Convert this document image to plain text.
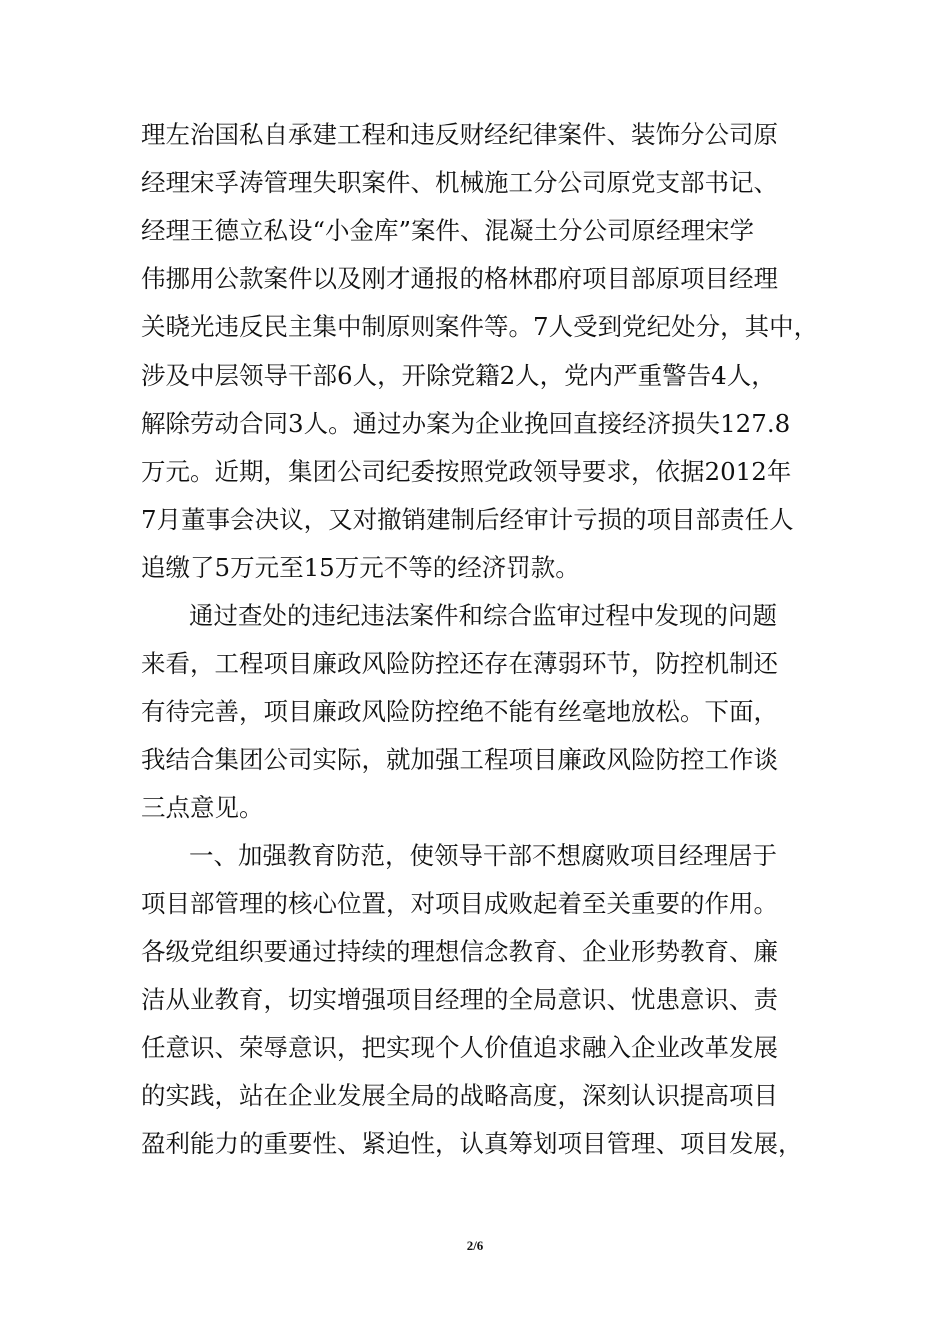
理左治国私自承建工程和违反财经纪律案件、装饰分公司原
经理宋孚涛管理失职案件、机械施工分公司原党支部书记、
经理王德立私设“小金库”案件、混凝土分公司原经理宋学
伟挪用公款案件以及刚才通报的格林郡府项目部原项目经理
关晓光违反民主集中制原则案件等。7人受到党纪处分，其中，
涉及中层领导干部6人，开除党籍2人，党内严重警告4人，
解除劳动合同3人。通过办案为企业挽回直接经济损失127.8
万元。近期，集团公司纪委按照党政领导要求，依据2012年
7月董事会决议，又对撤销建制后经审计亏损的项目部责任人
追缴了5万元至15万元不等的经济罚款。
通过查处的违纪违法案件和综合监审过程中发现的问题
来看，工程项目廉政风险防控还存在薄弱环节，防控机制还
有待完善，项目廉政风险防控绝不能有丝毫地放松。下面，
我结合集团公司实际，就加强工程项目廉政风险防控工作谈
三点意见。
一、加强教育防范，使领导干部不想腐败项目经理居于
项目部管理的核心位置，对项目成败起着至关重要的作用。
各级党组织要通过持续的理想信念教育、企业形势教育、廉
洁从业教育，切实增强项目经理的全局意识、忧患意识、责
任意识、荣辱意识，把实现个人价值追求融入企业改革发展
的实践，站在企业发展全局的战略高度，深刻认识提高项目
盈利能力的重要性、紧迫性，认真筹划项目管理、项目发展，
2/6
